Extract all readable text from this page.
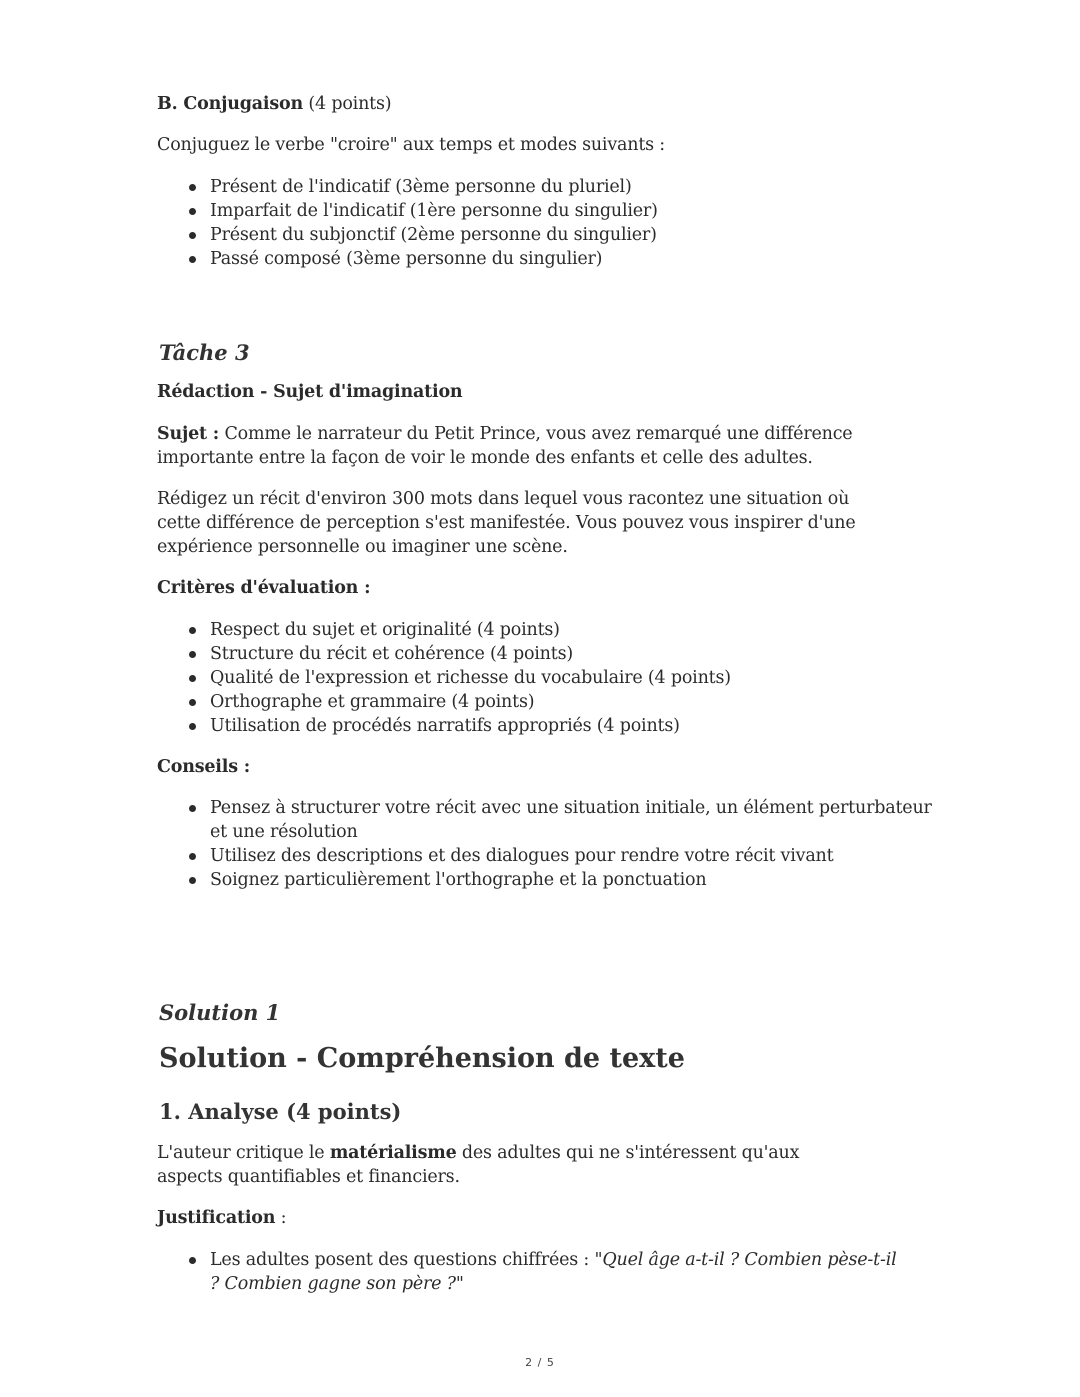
B. Conjugaison (4 points)
Conjuguez le verbe "croire" aux temps et modes suivants :
Présent de l'indicatif (3ème personne du pluriel)
Imparfait de l'indicatif (1ère personne du singulier)
Présent du subjonctif (2ème personne du singulier)
Passé composé (3ème personne du singulier)
Tâche 3
Rédaction - Sujet d'imagination
Sujet : Comme le narrateur du Petit Prince, vous avez remarqué une différence importante entre la façon de voir le monde des enfants et celle des adultes.
Rédigez un récit d'environ 300 mots dans lequel vous racontez une situation où cette différence de perception s'est manifestée. Vous pouvez vous inspirer d'une expérience personnelle ou imaginer une scène.
Critères d'évaluation :
Respect du sujet et originalité (4 points)
Structure du récit et cohérence (4 points)
Qualité de l'expression et richesse du vocabulaire (4 points)
Orthographe et grammaire (4 points)
Utilisation de procédés narratifs appropriés (4 points)
Conseils :
Pensez à structurer votre récit avec une situation initiale, un élément perturbateur et une résolution
Utilisez des descriptions et des dialogues pour rendre votre récit vivant
Soignez particulièrement l'orthographe et la ponctuation
Solution 1
Solution - Compréhension de texte
1. Analyse (4 points)
L'auteur critique le matérialisme des adultes qui ne s'intéressent qu'aux aspects quantifiables et financiers.
Justification :
Les adultes posent des questions chiffrées : "Quel âge a-t-il ? Combien pèse-t-il ? Combien gagne son père ?"
2 / 5
